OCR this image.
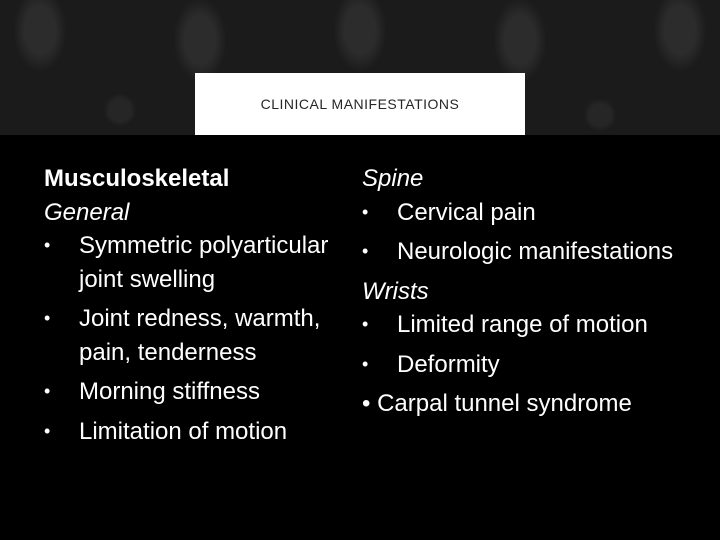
CLINICAL MANIFESTATIONS
Musculoskeletal
General
• Symmetric polyarticular joint swelling
• Joint redness, warmth, pain, tenderness
• Morning stiffness
• Limitation of motion
Spine
• Cervical pain
• Neurologic manifestations
Wrists
• Limited range of motion
• Deformity
• Carpal tunnel syndrome
